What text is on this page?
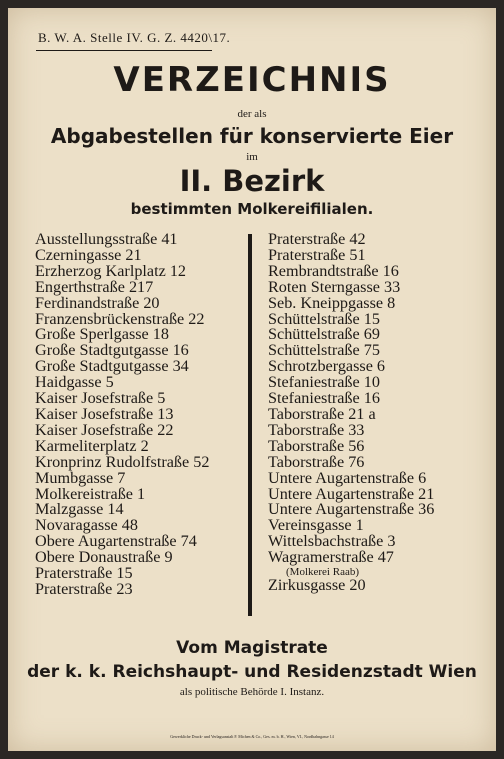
B. W. A. Stelle IV. G. Z. 4420\17.
VERZEICHNIS
der als
Abgabestellen für konservierte Eier
im
II. Bezirk
bestimmten Molkereifilialen.
Ausstellungsstraße 41
Czerningasse 21
Erzherzog Karlplatz 12
Engerthstraße 217
Ferdinandstraße 20
Franzensbrückenstraße 22
Große Sperlgasse 18
Große Stadtgutgasse 16
Große Stadtgutgasse 34
Haidgasse 5
Kaiser Josefstraße 5
Kaiser Josefstraße 13
Kaiser Josefstraße 22
Karmeliterplatz 2
Kronprinz Rudolfstraße 52
Mumbgasse 7
Molkereistraße 1
Malzgasse 14
Novaragasse 48
Obere Augartenstraße 74
Obere Donaustraße 9
Praterstraße 15
Praterstraße 23
Praterstraße 42
Praterstraße 51
Rembrandtstraße 16
Roten Sterngasse 33
Seb. Kneippgasse 8
Schüttelstraße 15
Schüttelstraße 69
Schüttelstraße 75
Schrotzbergasse 6
Stefaniestraße 10
Stefaniestraße 16
Taborstraße 21 a
Taborstraße 33
Taborstraße 56
Taborstraße 76
Untere Augartenstraße 6
Untere Augartenstraße 21
Untere Augartenstraße 36
Vereinsgasse 1
Wittelsbachstraße 3
Wagramerstraße 47
(Molkerei Raab)
Zirkusgasse 20
Vom Magistrate
der k. k. Reichshaupt- und Residenzstadt Wien
als politische Behörde I. Instanz.
Gewerkliche Druck- und Verlagsanstalt F. Michen & Co., Ges. m. b. H., Wien, VI., Nordbahngasse 14
